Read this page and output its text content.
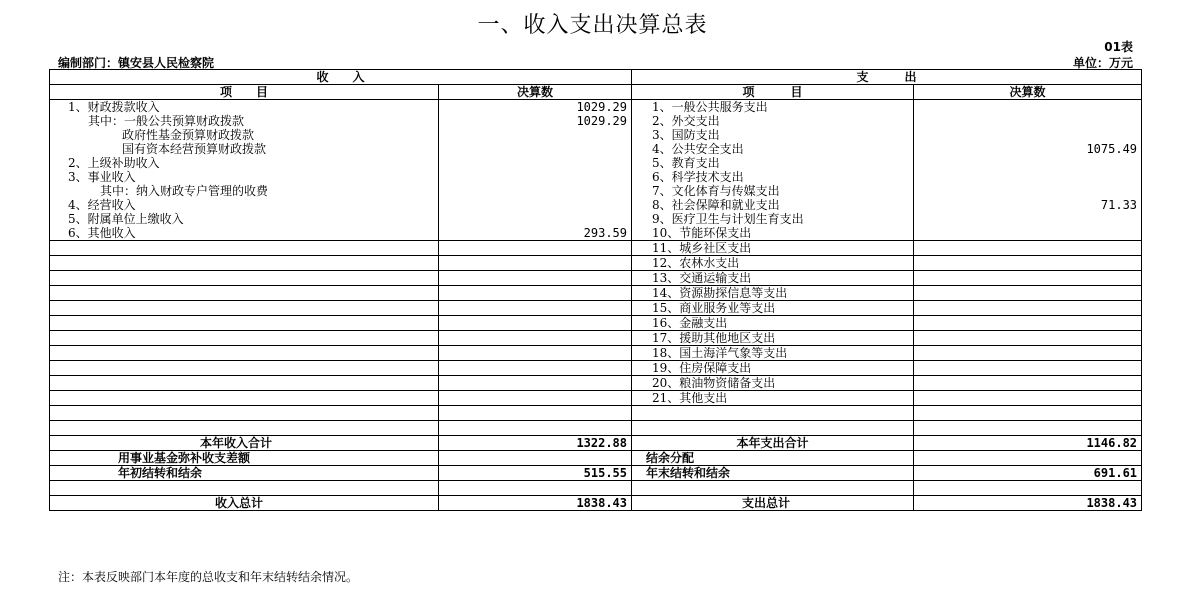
一、收入支出决算总表
01表
编制部门：镇安县人民检察院	单位：万元
收　　入		支　　　出	
项　　目	决算数	项　　　目	决算数
1、财政拨款收入	1029.29	1、一般公共服务支出	
其中：一般公共预算财政拨款	1029.29	2、外交支出	
政府性基金预算财政拨款		3、国防支出	
国有资本经营预算财政拨款		4、公共安全支出	1075.49
2、上级补助收入		5、教育支出	
3、事业收入		6、科学技术支出	
其中：纳入财政专户管理的收费		7、文化体育与传媒支出	
4、经营收入		8、社会保障和就业支出	71.33
5、附属单位上缴收入		9、医疗卫生与计划生育支出	
6、其他收入	293.59	10、节能环保支出	
		11、城乡社区支出	
		12、农林水支出	
		13、交通运输支出	
		14、资源勘探信息等支出	
		15、商业服务业等支出	
		16、金融支出	
		17、援助其他地区支出	
		18、国土海洋气象等支出	
		19、住房保障支出	
		20、粮油物资储备支出	
		21、其他支出	

本年收入合计	1322.88	本年支出合计	1146.82
用事业基金弥补收支差额		结余分配	
年初结转和结余	515.55	年末结转和结余	691.61

收入总计	1838.43	支出总计	1838.43
注：本表反映部门本年度的总收支和年末结转结余情况。
